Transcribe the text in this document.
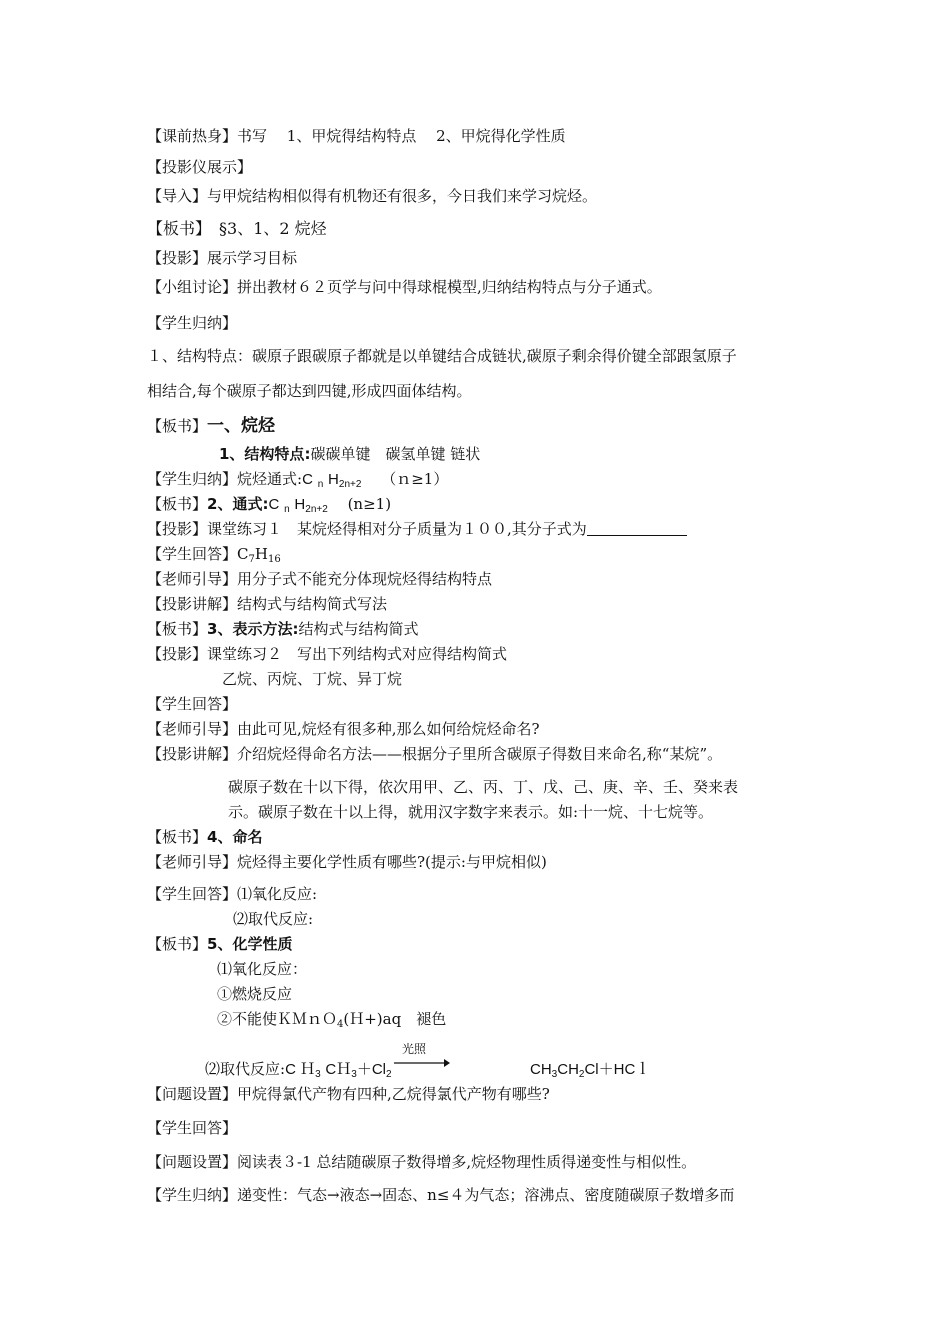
【课前热身】书写　 1、甲烷得结构特点　 2、甲烷得化学性质
【投影仪展示】
【导入】与甲烷结构相似得有机物还有很多，今日我们来学习烷烃。
【板书】　§3、1、2 烷烃
【投影】展示学习目标
【小组讨论】拼出教材６２页学与问中得球棍模型,归纳结构特点与分子通式。
【学生归纳】
１、结构特点：碳原子跟碳原子都就是以单键结合成链状,碳原子剩余得价键全部跟氢原子
相结合,每个碳原子都达到四键,形成四面体结构。
【板书】一、烷烃
1、结构特点:碳碳单键　碳氢单键 链状
【学生归纳】烷烃通式:C $_n$ $H_{2n+2}$　 （ｎ≥1）
【板书】2、通式:C $_n$ $H_{2n+2}$　 (n≥1)
【投影】课堂练习１　某烷烃得相对分子质量为１００,其分子式为
【学生回答】$C_7H_{16}$
【老师引导】用分子式不能充分体现烷烃得结构特点
【投影讲解】结构式与结构简式写法
【板书】3、表示方法:结构式与结构简式
【投影】课堂练习２　写出下列结构式对应得结构简式
乙烷、丙烷、丁烷、异丁烷
【学生回答】
【老师引导】由此可见,烷烃有很多种,那么如何给烷烃命名?
【投影讲解】介绍烷烃得命名方法——根据分子里所含碳原子得数目来命名,称“某烷”。
碳原子数在十以下得，依次用甲、乙、丙、丁、戊、己、庚、辛、壬、癸来表
示。碳原子数在十以上得，就用汉字数字来表示。如:十一烷、十七烷等。
【板书】4、命名
【老师引导】烷烃得主要化学性质有哪些?(提示:与甲烷相似)
【学生回答】⑴氧化反应:
⑵取代反应:
【板书】5、化学性质
⑴氧化反应：
①燃烧反应
②不能使ＫＭｎＯ$_4$(Ｈ+)aq　褪色
光照
⑵取代反应:C Ｈ$_3$ $CH_3+Cl_2$	$CH_3CH_2Cl+HCl$
【问题设置】甲烷得氯代产物有四种,乙烷得氯代产物有哪些?
【学生回答】
【问题设置】阅读表３-1 总结随碳原子数得增多,烷烃物理性质得递变性与相似性。
【学生归纳】递变性：气态→液态→固态、n≤４为气态；溶沸点、密度随碳原子数增多而
